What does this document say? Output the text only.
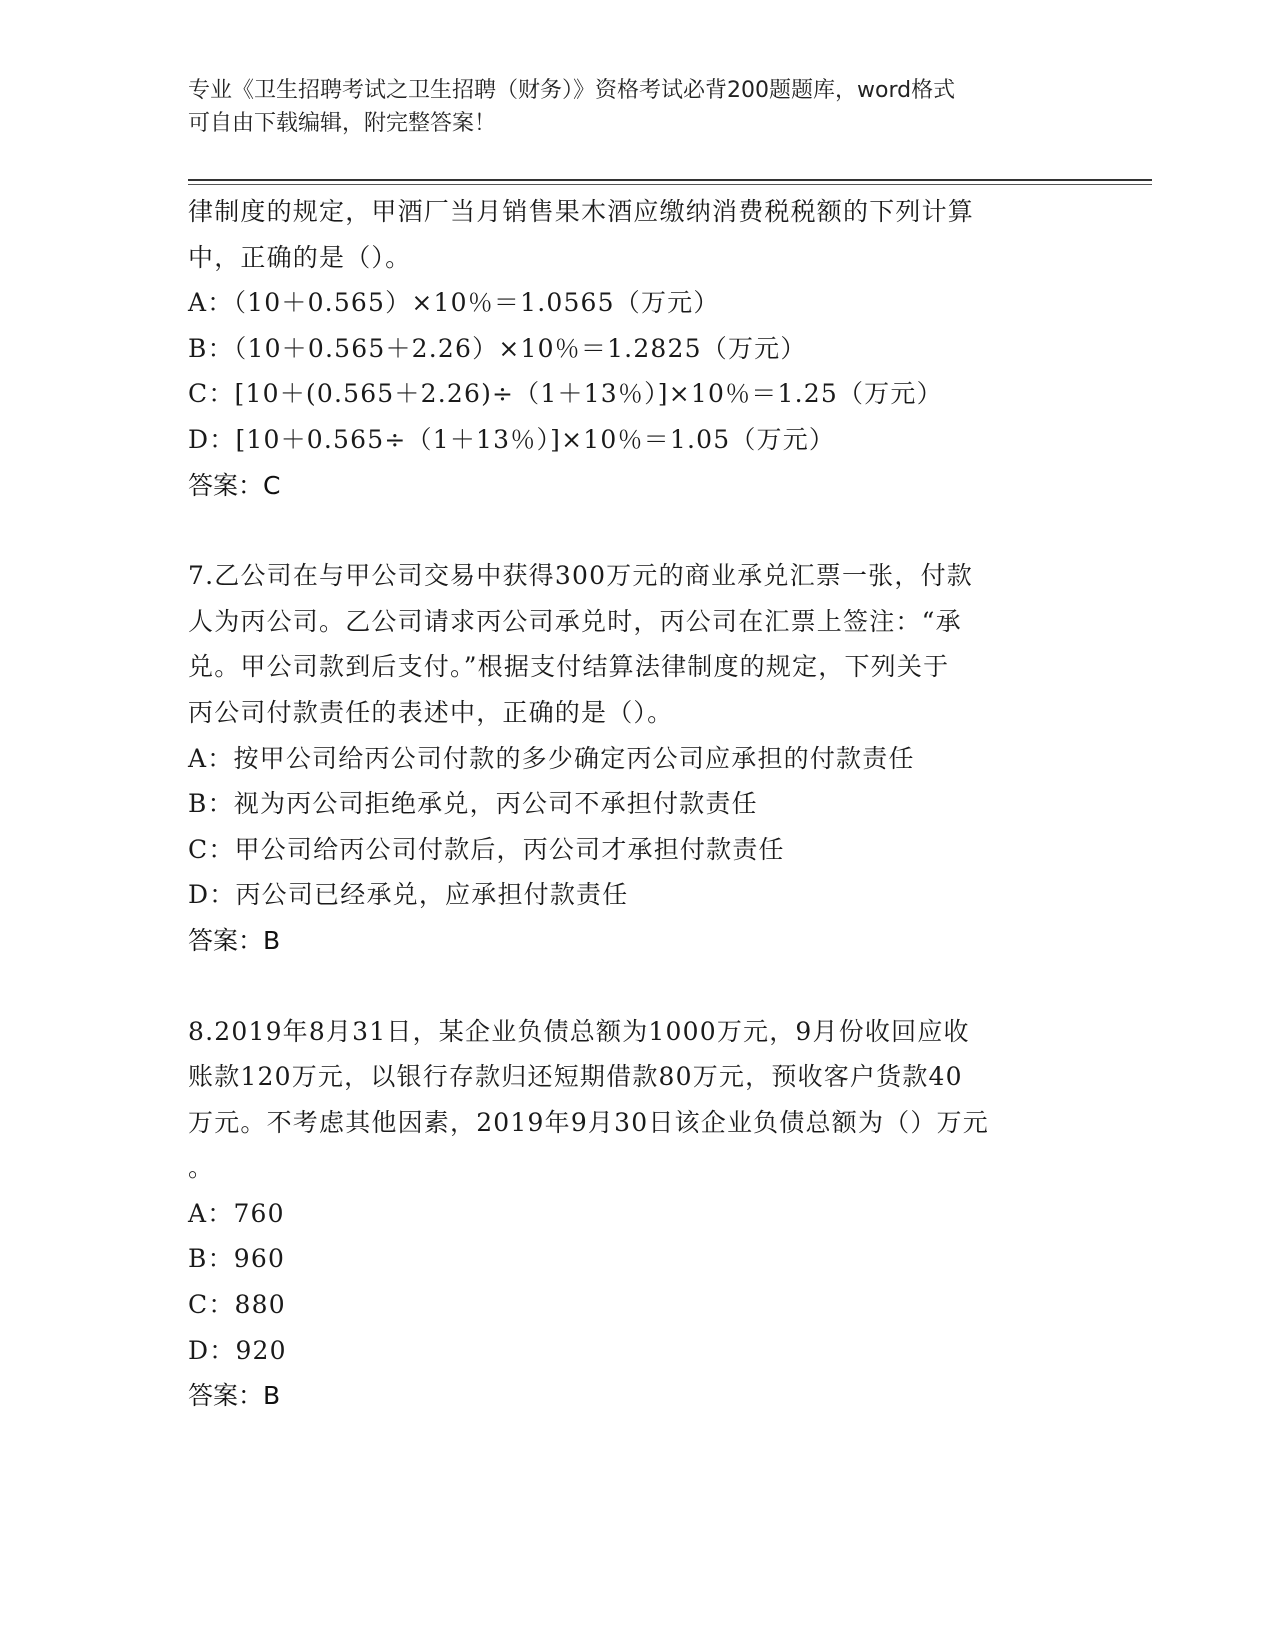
专业《卫生招聘考试之卫生招聘（财务）》资格考试必背200题题库，word格式
可自由下载编辑，附完整答案！
律制度的规定，甲酒厂当月销售果木酒应缴纳消费税税额的下列计算
中，正确的是（）。
A：（10＋0.565）×10％＝1.0565（万元）
B：（10＋0.565＋2.26）×10％＝1.2825（万元）
C：[10＋(0.565＋2.26)÷（1＋13％）]×10％＝1.25（万元）
D：[10＋0.565÷（1＋13％）]×10％＝1.05（万元）
答案：C
7.乙公司在与甲公司交易中获得300万元的商业承兑汇票一张，付款
人为丙公司。乙公司请求丙公司承兑时，丙公司在汇票上签注：“承
兑。甲公司款到后支付。”根据支付结算法律制度的规定，下列关于
丙公司付款责任的表述中，正确的是（）。
A：按甲公司给丙公司付款的多少确定丙公司应承担的付款责任
B：视为丙公司拒绝承兑，丙公司不承担付款责任
C：甲公司给丙公司付款后，丙公司才承担付款责任
D：丙公司已经承兑，应承担付款责任
答案：B
8.2019年8月31日，某企业负债总额为1000万元，9月份收回应收
账款120万元，以银行存款归还短期借款80万元，预收客户货款40
万元。不考虑其他因素，2019年9月30日该企业负债总额为（）万元
。
A：760
B：960
C：880
D：920
答案：B
